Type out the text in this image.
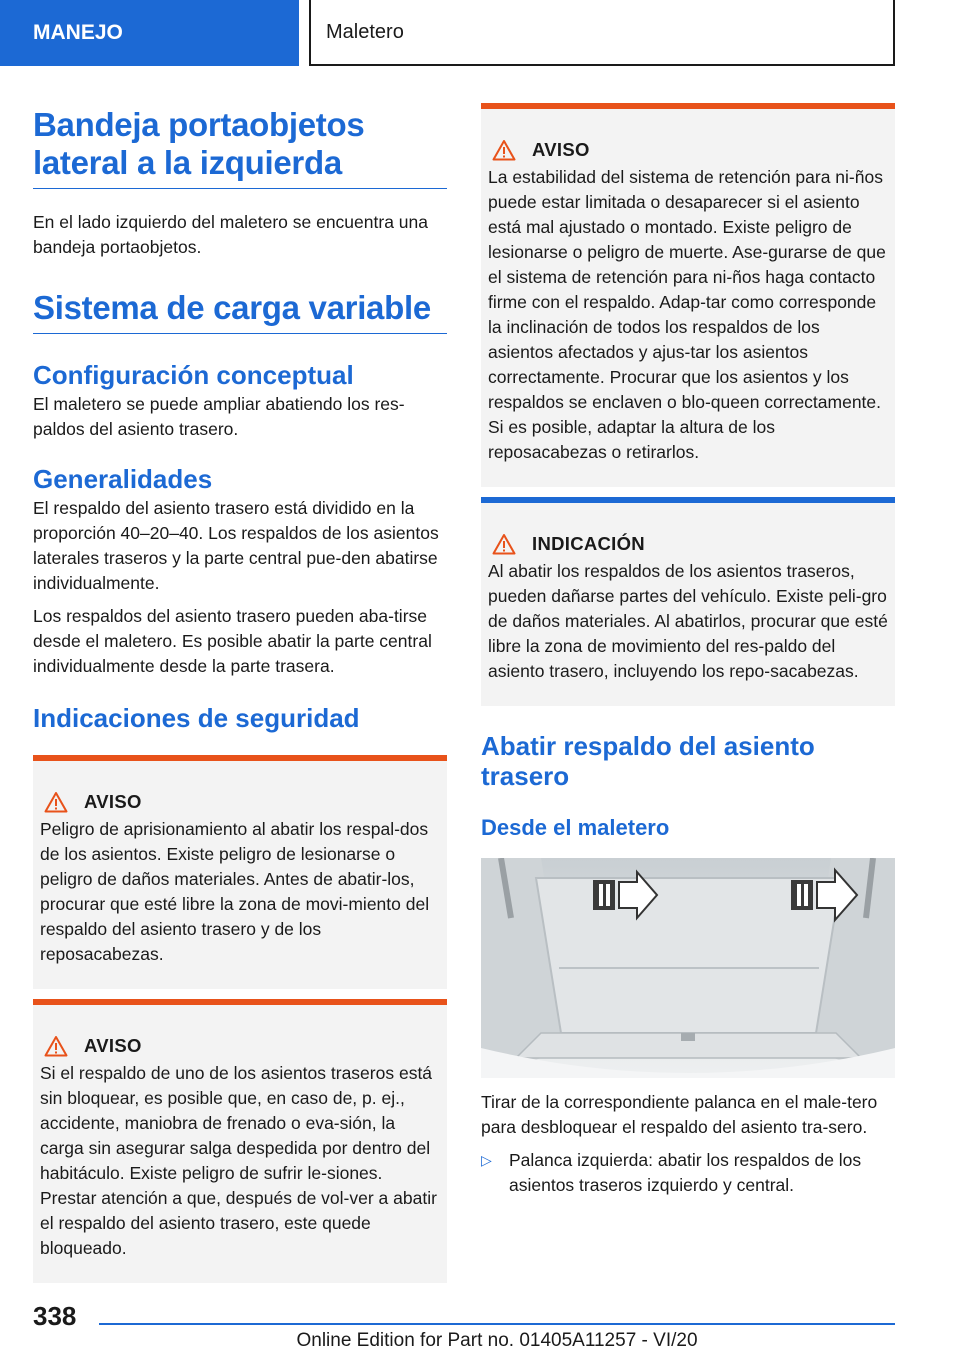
MANEJO	Maletero
Bandeja portaobjetos lateral a la izquierda

En el lado izquierdo del maletero se encuentra una bandeja portaobjetos.

Sistema de carga variable
Configuración conceptual

El maletero se puede ampliar abatiendo los res-paldos del asiento trasero.

Generalidades

El respaldo del asiento trasero está dividido en la proporción 40–20–40. Los respaldos de los asientos laterales traseros y la parte central pue-den abatirse individualmente.

Los respaldos del asiento trasero pueden aba-tirse desde el maletero. Es posible abatir la parte central individualmente desde la parte trasera.

Indicaciones de seguridad
AVISO

Peligro de aprisionamiento al abatir los respal-dos de los asientos. Existe peligro de lesionarse o peligro de daños materiales. Antes de abatir-los, procurar que esté libre la zona de movi-miento del respaldo del asiento trasero y de los reposacabezas.

AVISO

Si el respaldo de uno de los asientos traseros está sin bloquear, es posible que, en caso de, p. ej., accidente, maniobra de frenado o eva-sión, la carga sin asegurar salga despedida por dentro del habitáculo. Existe peligro de sufrir le-siones. Prestar atención a que, después de vol-ver a abatir el respaldo del asiento trasero, este quede bloqueado.

AVISO

La estabilidad del sistema de retención para ni-ños puede estar limitada o desaparecer si el asiento está mal ajustado o montado. Existe peligro de lesionarse o peligro de muerte. Ase-gurarse de que el sistema de retención para ni-ños haga contacto firme con el respaldo. Adap-tar como corresponde la inclinación de todos los respaldos de los asientos afectados y ajus-tar los asientos correctamente. Procurar que los asientos y los respaldos se enclaven o blo-queen correctamente. Si es posible, adaptar la altura de los reposacabezas o retirarlos.

INDICACIÓN

Al abatir los respaldos de los asientos traseros, pueden dañarse partes del vehículo. Existe peli-gro de daños materiales. Al abatirlos, procurar que esté libre la zona de movimiento del res-paldo del asiento trasero, incluyendo los repo-sacabezas.

Abatir respaldo del asiento trasero
Desde el maletero

Tirar de la correspondiente palanca en el male-tero para desbloquear el respaldo del asiento tra-sero.

▷ Palanca izquierda: abatir los respaldos de los asientos traseros izquierdo y central.
338
Online Edition for Part no. 01405A11257 - VI/20
